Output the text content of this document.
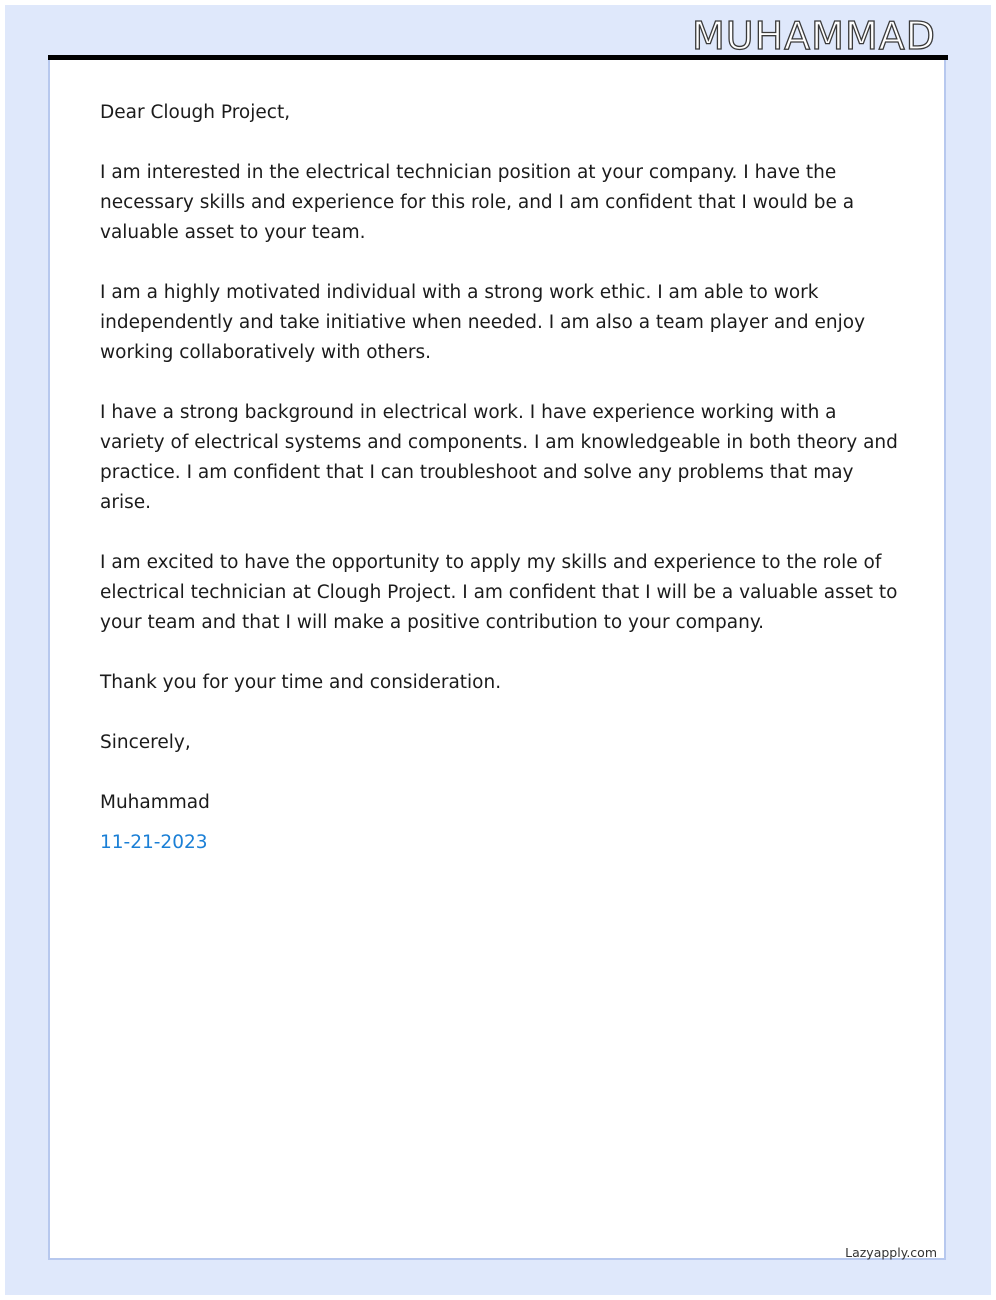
MUHAMMAD

Dear Clough Project,

I am interested in the electrical technician position at your company. I have the necessary skills and experience for this role, and I am confident that I would be a valuable asset to your team.

I am a highly motivated individual with a strong work ethic. I am able to work independently and take initiative when needed. I am also a team player and enjoy working collaboratively with others.

I have a strong background in electrical work. I have experience working with a variety of electrical systems and components. I am knowledgeable in both theory and practice. I am confident that I can troubleshoot and solve any problems that may arise.

I am excited to have the opportunity to apply my skills and experience to the role of electrical technician at Clough Project. I am confident that I will be a valuable asset to your team and that I will make a positive contribution to your company.

Thank you for your time and consideration.

Sincerely,

Muhammad

11-21-2023

Lazyapply.com
